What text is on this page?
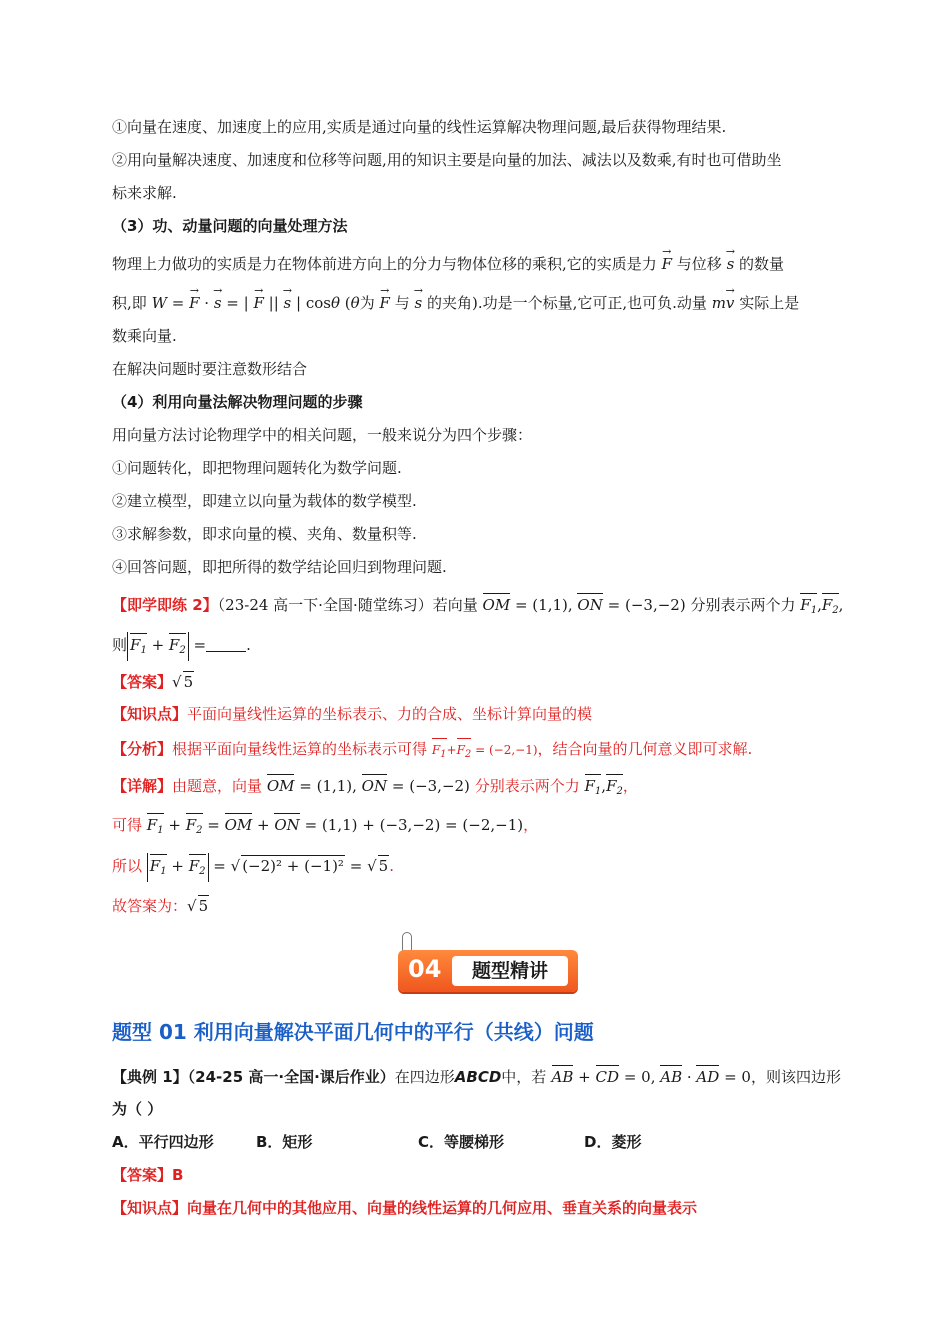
①向量在速度、加速度上的应用,实质是通过向量的线性运算解决物理问题,最后获得物理结果.
②用向量解决速度、加速度和位移等问题,用的知识主要是向量的加法、减法以及数乘,有时也可借助坐
标来求解.
（3）功、动量问题的向量处理方法
物理上力做功的实质是力在物体前进方向上的分力与物体位移的乘积,它的实质是力 → F 与位移 → s 的数量
积,即 W = → F · → s = | → F || → s | cosθ (θ为 → F 与 → s 的夹角).功是一个标量,它可正,也可负.动量 m→ v 实际上是
数乘向量.
在解决问题时要注意数形结合
（4）利用向量法解决物理问题的步骤
用向量方法讨论物理学中的相关问题，一般来说分为四个步骤：
①问题转化，即把物理问题转化为数学问题.
②建立模型，即建立以向量为载体的数学模型.
③求解参数，即求向量的模、夹角、数量积等.
④回答问题，即把所得的数学结论回归到物理问题.
【即学即练 2】（23-24 高一下·全国·随堂练习）若向量 OM = (1,1), ON = (−3,−2) 分别表示两个力 $F_1,F_2$,
则 $F_1 + F_2$ =	.
【答案】√ 5
【知识点】平面向量线性运算的坐标表示、力的合成、坐标计算向量的模
【分析】根据平面向量线性运算的坐标表示可得 $F_1+F_2 = (-2,-1)$，结合向量的几何意义即可求解.
【详解】由题意，向量 OM = (1,1), ON = (−3,−2) 分别表示两个力 $F_1,F_2$，
可得 $F_1 + F_2$ = OM + ON = (1,1) + (−3,−2) = (−2,−1)，
所以 $F_1 + F_2$ = √ (−2)² + (−1)² = √ 5.
故答案为：√ 5
04	题型精讲
题型 01 利用向量解决平面几何中的平行（共线）问题
【典例 1】（24-25 高一·全国·课后作业）在四边形ABCD中，若 AB + CD = 0, AB · AD = 0，则该四边形
为（ ）
A．平行四边形	B．矩形	C．等腰梯形	D．菱形
【答案】B
【知识点】向量在几何中的其他应用、向量的线性运算的几何应用、垂直关系的向量表示
